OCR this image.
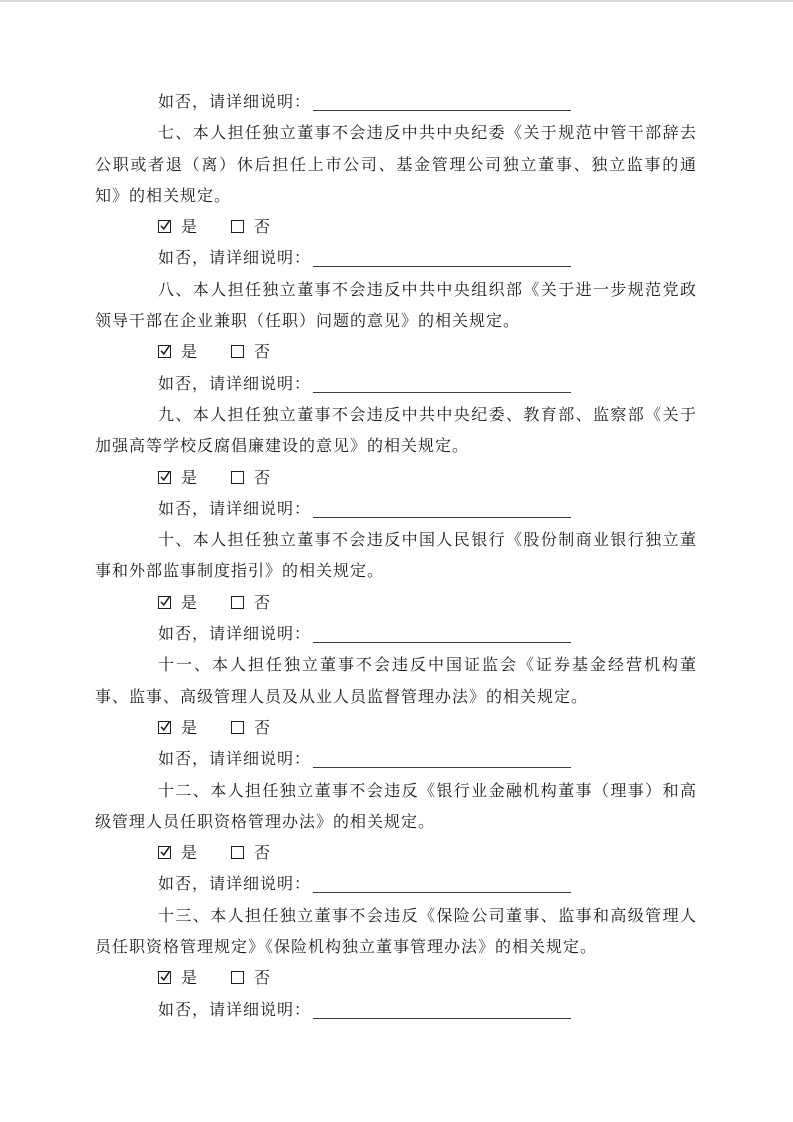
如否，请详细说明：

七、本人担任独立董事不会违反中共中央纪委《关于规范中管干部辞去公职或者退（离）休后担任上市公司、基金管理公司独立董事、独立监事的通知》的相关规定。

是	否
如否，请详细说明：

八、本人担任独立董事不会违反中共中央组织部《关于进一步规范党政领导干部在企业兼职（任职）问题的意见》的相关规定。

是	否
如否，请详细说明：

九、本人担任独立董事不会违反中共中央纪委、教育部、监察部《关于加强高等学校反腐倡廉建设的意见》的相关规定。

是	否
如否，请详细说明：

十、本人担任独立董事不会违反中国人民银行《股份制商业银行独立董事和外部监事制度指引》的相关规定。

是	否
如否，请详细说明：

十一、本人担任独立董事不会违反中国证监会《证券基金经营机构董事、监事、高级管理人员及从业人员监督管理办法》的相关规定。

是	否
如否，请详细说明：

十二、本人担任独立董事不会违反《银行业金融机构董事（理事）和高级管理人员任职资格管理办法》的相关规定。

是	否
如否，请详细说明：

十三、本人担任独立董事不会违反《保险公司董事、监事和高级管理人员任职资格管理规定》《保险机构独立董事管理办法》的相关规定。

是	否
如否，请详细说明：
